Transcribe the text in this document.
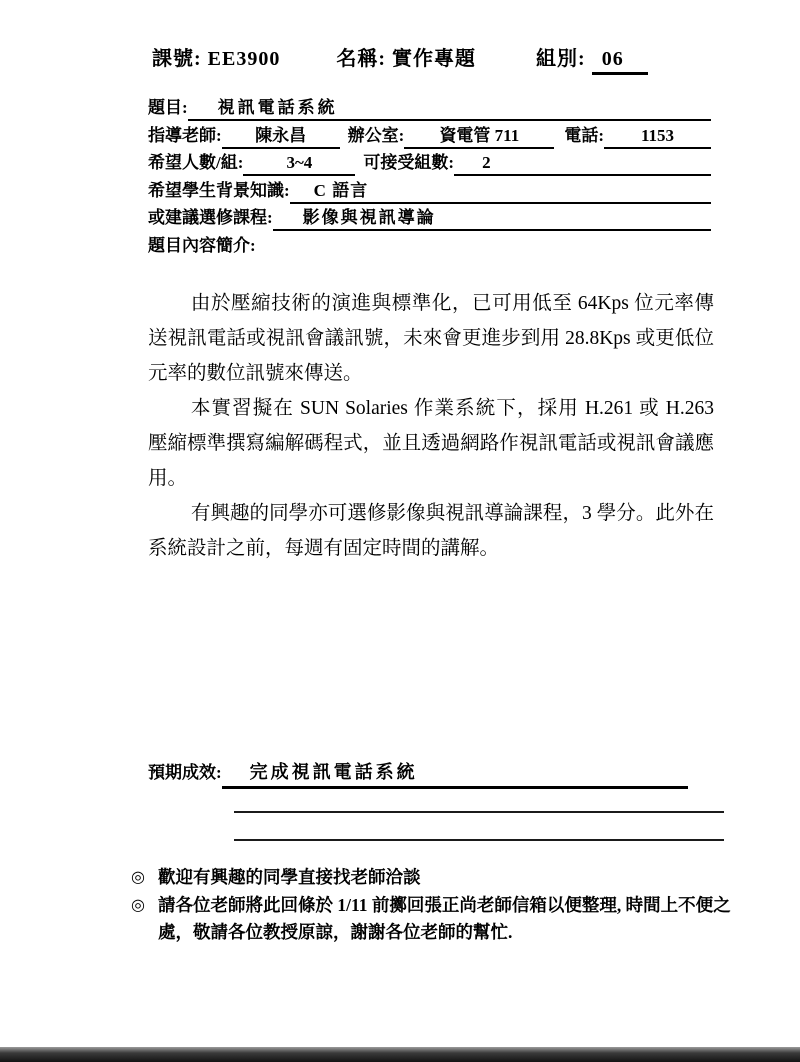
課號: EE3900	名稱: 實作專題	組別: 06
題目:	視訊電話系統
指導老師:	陳永昌	辦公室:	資電管 711	電話:	1153
希望人數/組:	3~4	可接受組數:	2
希望學生背景知識:	C 語言
或建議選修課程:	影像與視訊導論
題目內容簡介:

由於壓縮技術的演進與標準化，已可用低至 64Kps 位元率傳送視訊電話或視訊會議訊號，未來會更進步到用 28.8Kps 或更低位元率的數位訊號來傳送。

本實習擬在 SUN Solaries 作業系統下，採用 H.261 或 H.263 壓縮標準撰寫編解碼程式，並且透過網路作視訊電話或視訊會議應用。

有興趣的同學亦可選修影像與視訊導論課程，3 學分。此外在系統設計之前，每週有固定時間的講解。

預期成效:	完成視訊電話系統
◎ 歡迎有興趣的同學直接找老師洽談
◎ 請各位老師將此回條於 1/11 前擲回張正尚老師信箱以便整理, 時間上不便之處，敬請各位教授原諒，謝謝各位老師的幫忙.
